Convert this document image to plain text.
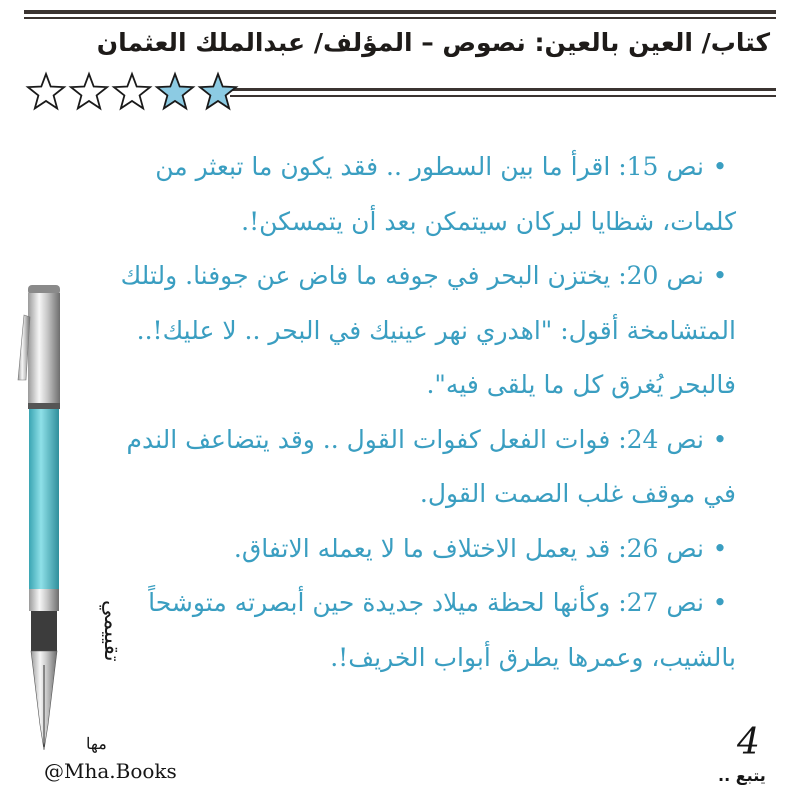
كتاب/ العين بالعين: نصوص – المؤلف/ عبدالملك العثمان
•نص 15: اقرأ ما بين السطور .. فقد يكون ما تبعثر من كلمات، شظايا لبركان سيتمكن بعد أن يتمسكن!.
•نص 20: يختزن البحر في جوفه ما فاض عن جوفنا. ولتلك المتشامخة أقول: "اهدري نهر عينيك في البحر .. لا عليك!.. فالبحر يُغرق كل ما يلقى فيه".
•نص 24: فوات الفعل كفوات القول .. وقد يتضاعف الندم في موقف غلب الصمت القول.
•نص 26: قد يعمل الاختلاف ما لا يعمله الاتفاق.
•نص 27: وكأنها لحظة ميلاد جديدة حين أبصرته متوشحاً بالشيب، وعمرها يطرق أبواب الخريف!.
تقييمي
مها
@Mha.Books
4
يتبع ..
